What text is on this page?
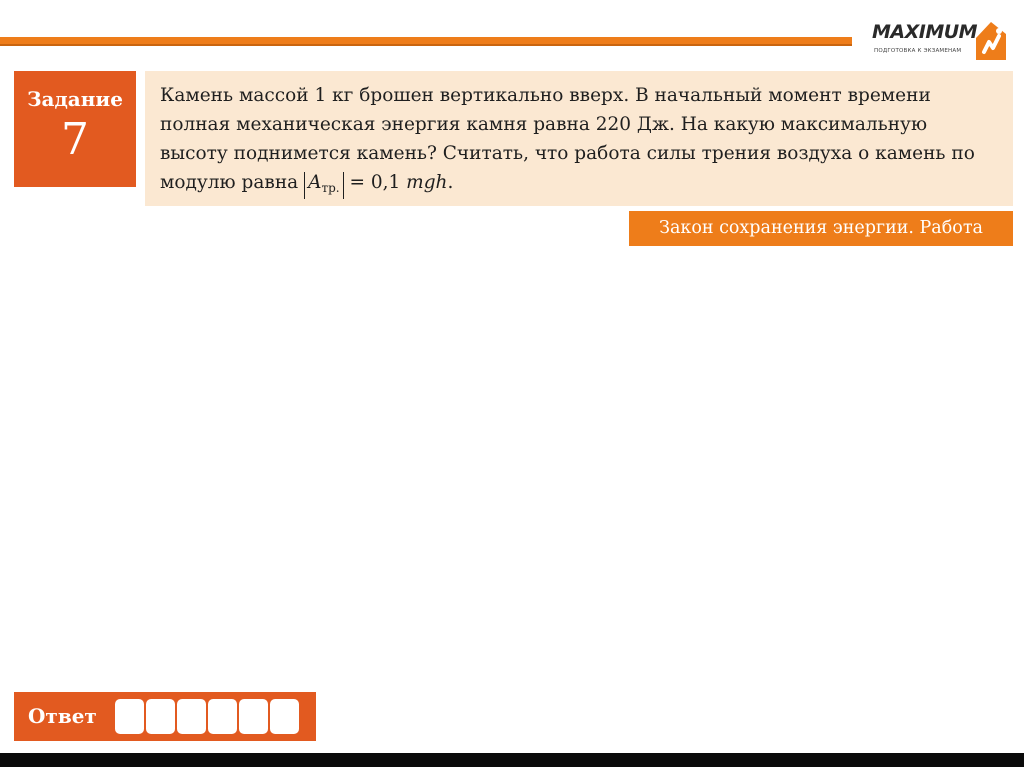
MAXIMUM
ПОДГОТОВКА К ЭКЗАМЕНАМ
Задание
7

Камень массой 1 кг брошен вертикально вверх. В начальный момент времени полная механическая энергия камня равна 220 Дж. На какую максимальную высоту поднимется камень? Считать, что работа силы трения воздуха о камень по модулю равна $A_{тр.} = 0,1$ mgh.

Закон сохранения энергии. Работа
Ответ
